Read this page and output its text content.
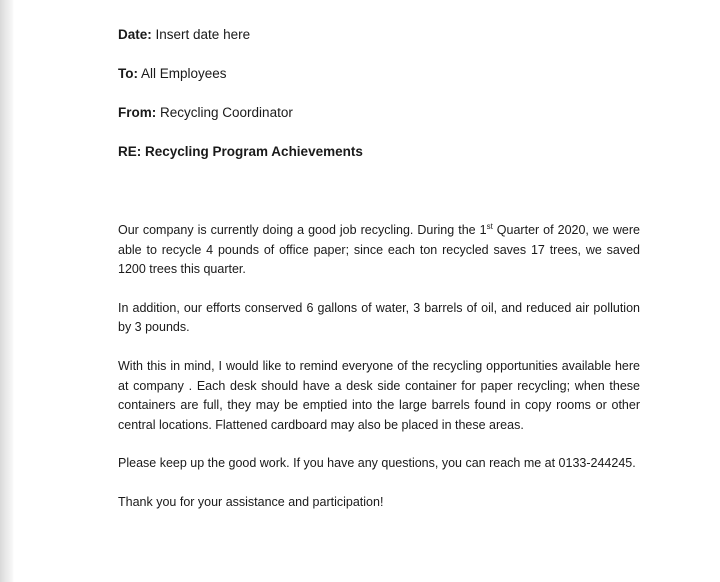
Date: Insert date here
To: All Employees
From: Recycling Coordinator
RE: Recycling Program Achievements

Our company is currently doing a good job recycling. During the 1st Quarter of 2020, we were able to recycle 4 pounds of office paper; since each ton recycled saves 17 trees, we saved 1200 trees this quarter.

In addition, our efforts conserved 6 gallons of water, 3 barrels of oil, and reduced air pollution by 3 pounds.

With this in mind, I would like to remind everyone of the recycling opportunities available here at company . Each desk should have a desk side container for paper recycling; when these containers are full, they may be emptied into the large barrels found in copy rooms or other central locations. Flattened cardboard may also be placed in these areas.

Please keep up the good work. If you have any questions, you can reach me at 0133-244245.

Thank you for your assistance and participation!
